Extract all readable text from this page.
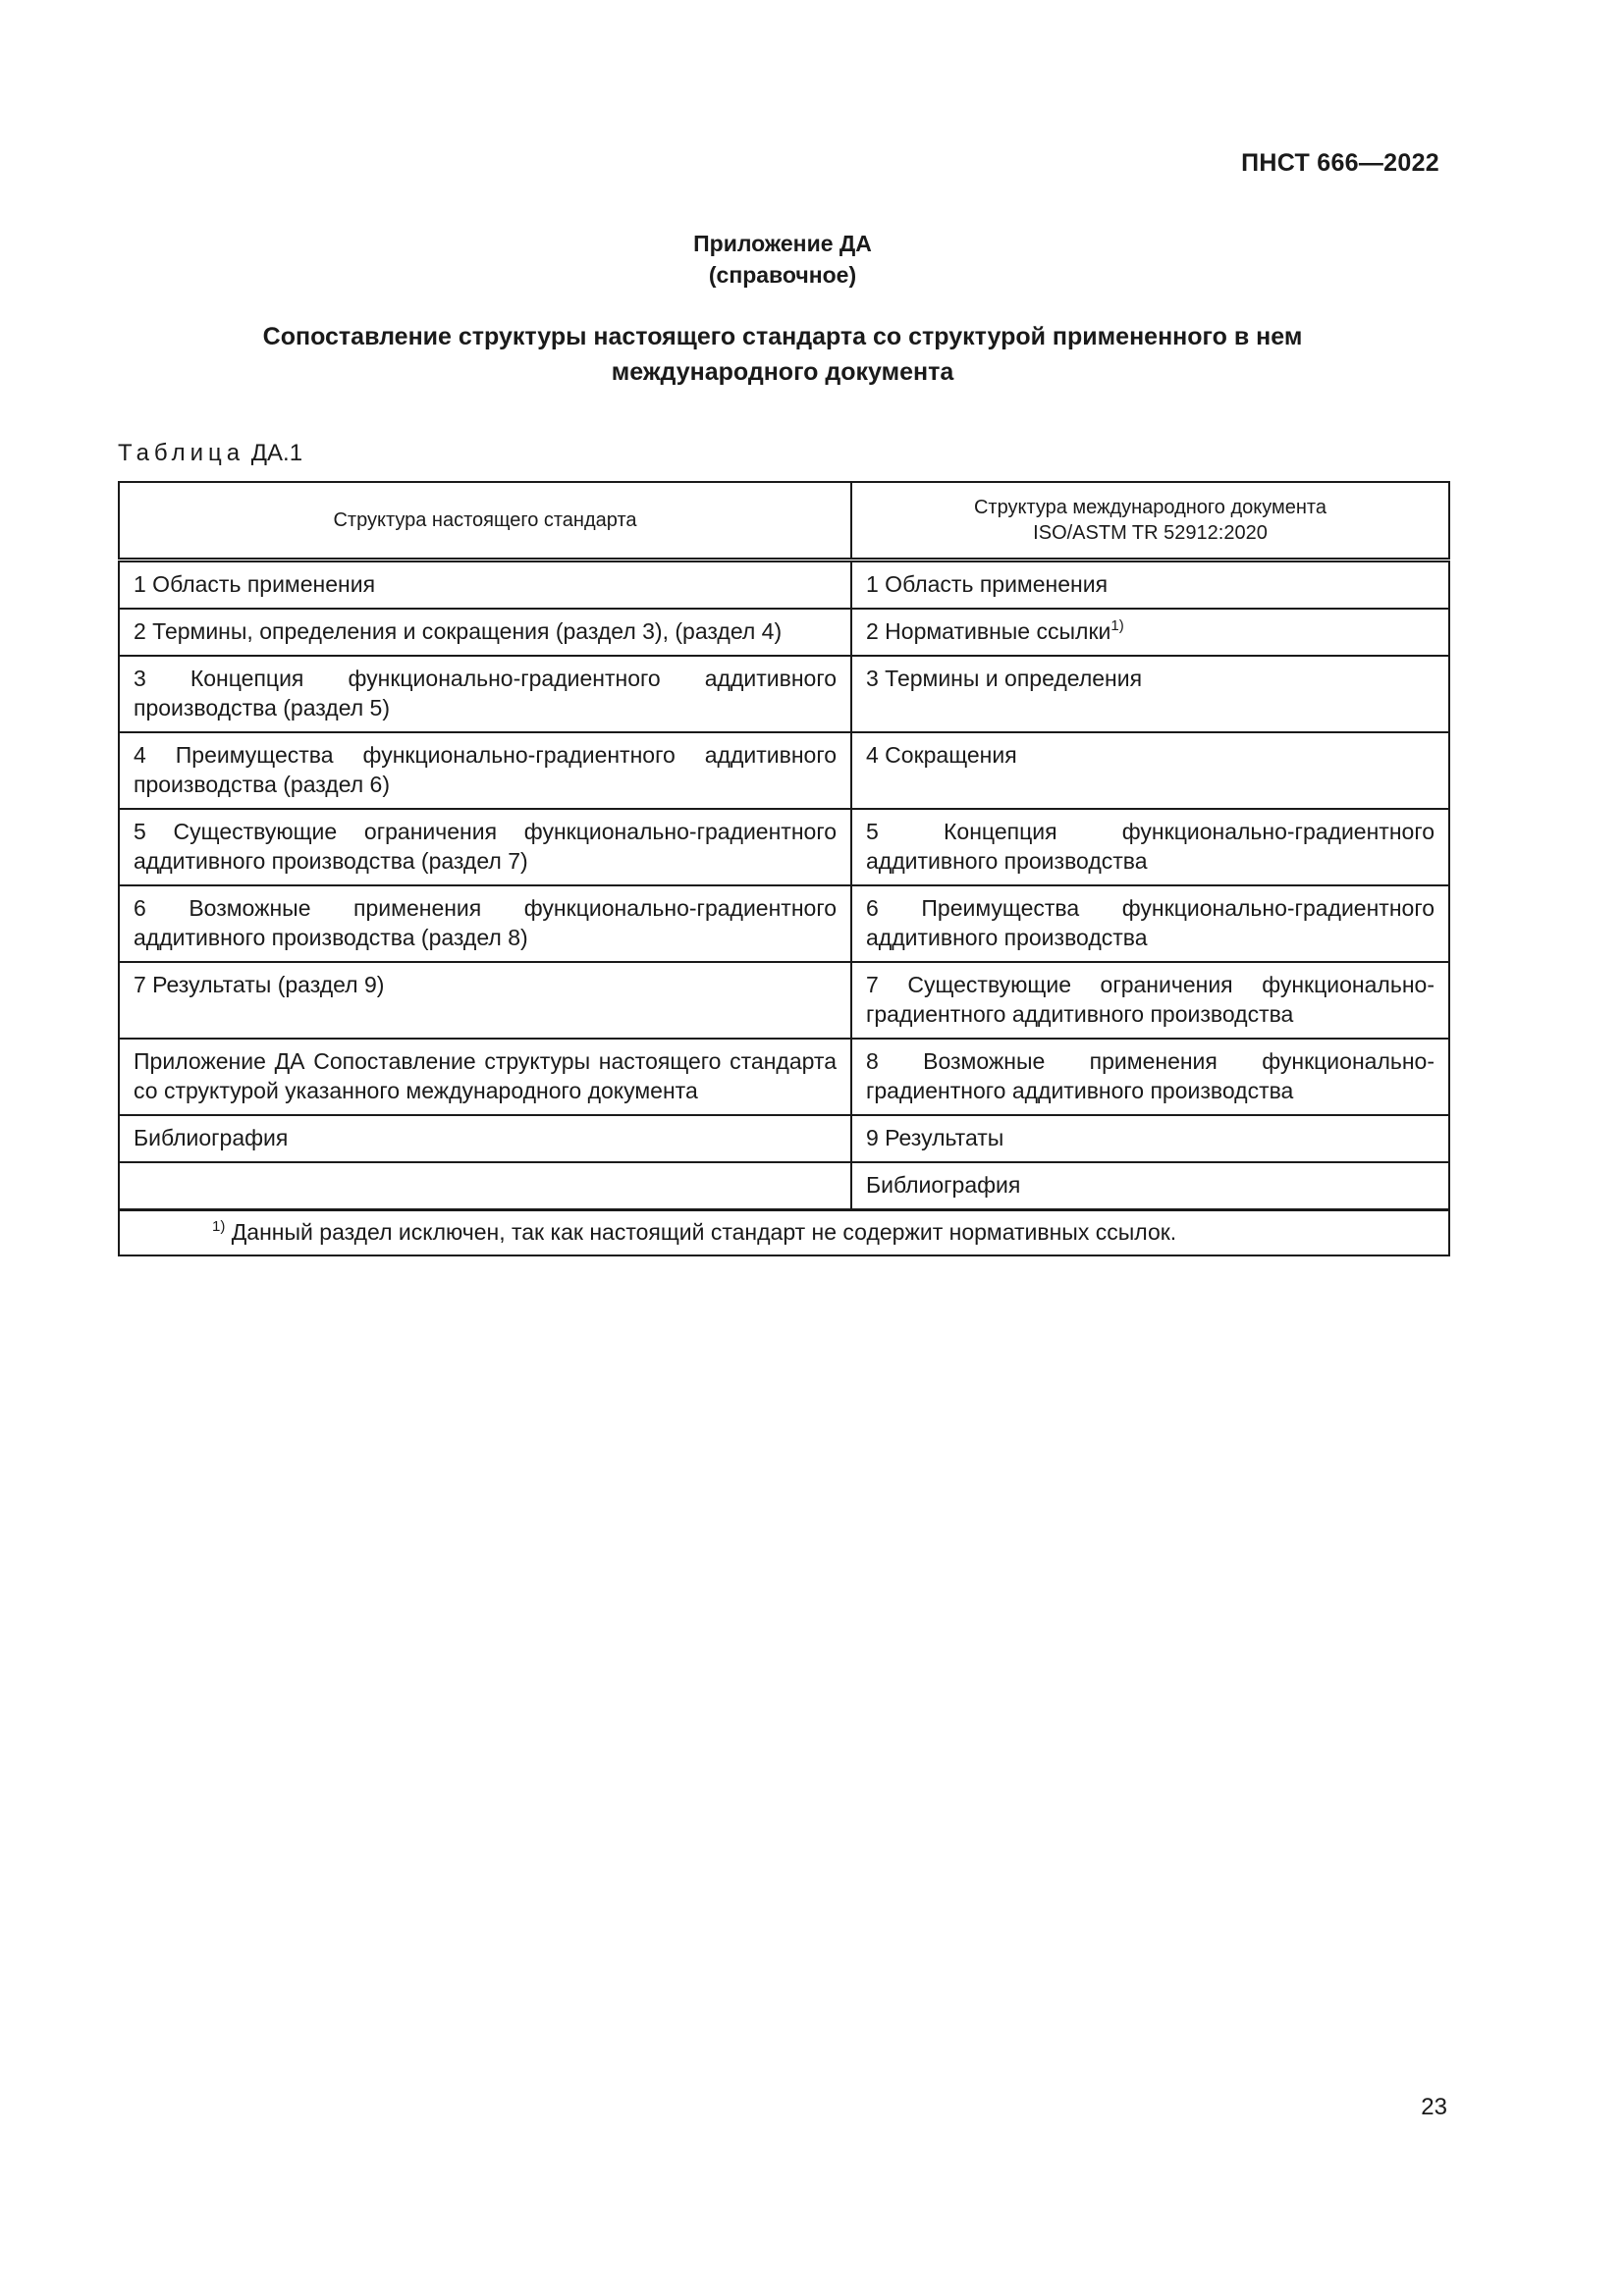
ПНСТ 666—2022
Приложение ДА
(справочное)
Сопоставление структуры настоящего стандарта со структурой примененного в нем
международного документа
Таблица ДА.1
Структура настоящего стандарта	Структура международного документа
ISO/ASTM TR 52912:2020

1 Область применения	1 Область применения
2 Термины, определения и сокращения (раздел 3), (раздел 4)	2 Нормативные ссылки$^{1)}$
3 Концепция функционально-градиентного аддитивного производства (раздел 5)	3 Термины и определения
4 Преимущества функционально-градиентного аддитивного производства (раздел 6)	4 Сокращения
5 Существующие ограничения функционально-градиентного аддитивного производства (раздел 7)	5 Концепция функционально-градиентного аддитивного производства
6 Возможные применения функционально-градиентного аддитивного производства (раздел 8)	6 Преимущества функционально-градиентного аддитивного производства
7 Результаты (раздел 9)	7 Существующие ограничения функционально-градиентного аддитивного производства
Приложение ДА Сопоставление структуры настоящего стандарта со структурой указанного международного документа	8 Возможные применения функционально-градиентного аддитивного производства
Библиография	9 Результаты
	Библиография

$^{1)}$ Данный раздел исключен, так как настоящий стандарт не содержит нормативных ссылок.	
23
